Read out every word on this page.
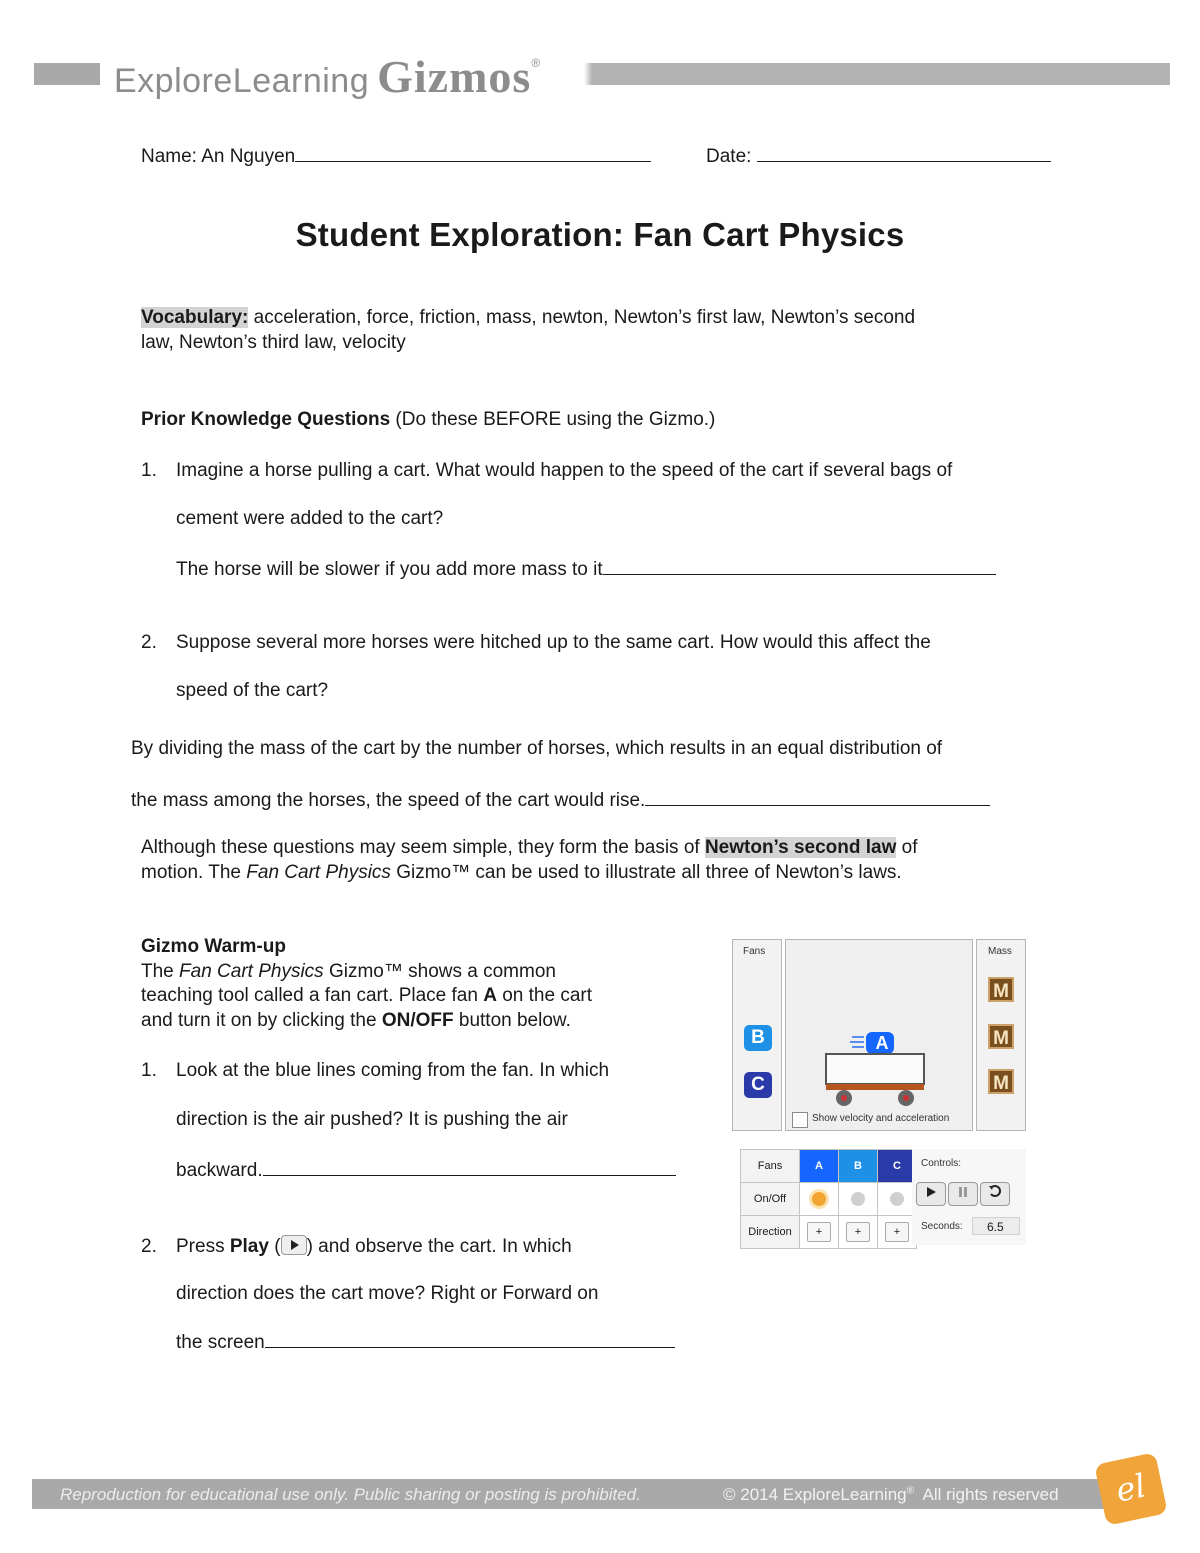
ExploreLearning Gizmos®
Name: An Nguyen	Date:
Student Exploration: Fan Cart Physics
Vocabulary: acceleration, force, friction, mass, newton, Newton’s first law, Newton’s second
law, Newton’s third law, velocity
Prior Knowledge Questions (Do these BEFORE using the Gizmo.)
1. Imagine a horse pulling a cart. What would happen to the speed of the cart if several bags of
cement were added to the cart?
The horse will be slower if you add more mass to it
2. Suppose several more horses were hitched up to the same cart. How would this affect the
speed of the cart?
By dividing the mass of the cart by the number of horses, which results in an equal distribution of
the mass among the horses, the speed of the cart would rise.
Although these questions may seem simple, they form the basis of Newton’s second law of
motion. The Fan Cart Physics Gizmo™ can be used to illustrate all three of Newton’s laws.
Gizmo Warm-up
The Fan Cart Physics Gizmo™ shows a common
teaching tool called a fan cart. Place fan A on the cart
and turn it on by clicking the ON/OFF button below.
1. Look at the blue lines coming from the fan. In which
direction is the air pushed? It is pushing the air
backward.
2. Press Play ( ) and observe the cart. In which
direction does the cart move? Right or Forward on
the screen
Fans
B
C
A
Show velocity and acceleration
Mass
M
M
M
Fans	A	B	C
On/Off			
Direction	+	+	+
Controls:
Seconds:	6.5
Reproduction for educational use only. Public sharing or posting is prohibited.	© 2014 ExploreLearning®  All rights reserved	el
